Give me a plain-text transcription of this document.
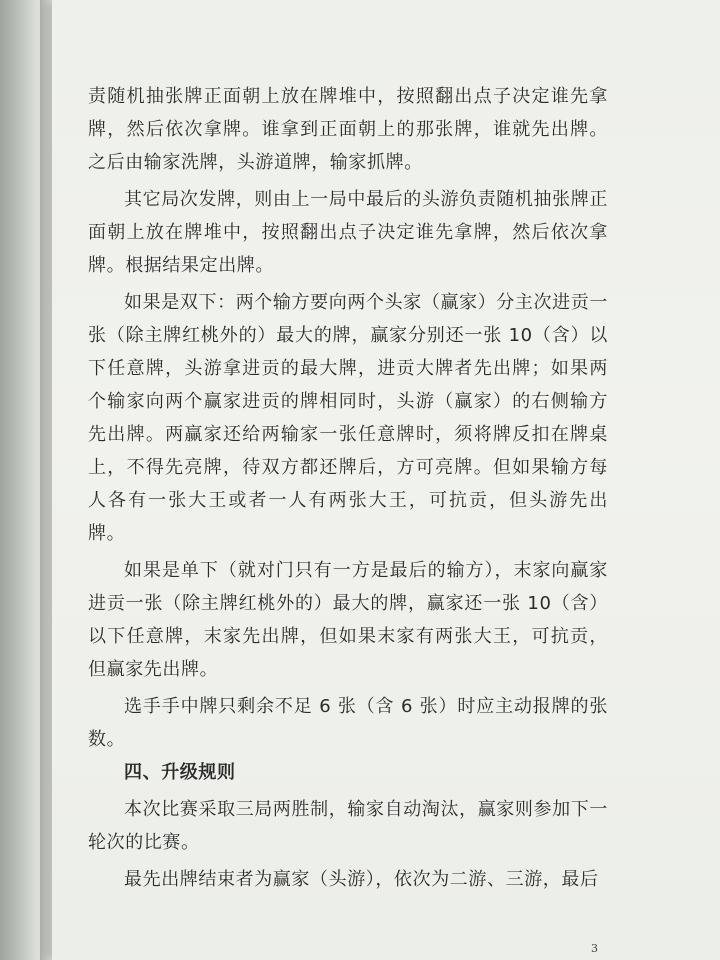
责随机抽张牌正面朝上放在牌堆中，按照翻出点子决定谁先拿牌，然后依次拿牌。谁拿到正面朝上的那张牌，谁就先出牌。之后由输家洗牌，头游道牌，输家抓牌。

其它局次发牌，则由上一局中最后的头游负责随机抽张牌正面朝上放在牌堆中，按照翻出点子决定谁先拿牌，然后依次拿牌。根据结果定出牌。

如果是双下：两个输方要向两个头家（赢家）分主次进贡一张（除主牌红桃外的）最大的牌，赢家分别还一张 10（含）以下任意牌，头游拿进贡的最大牌，进贡大牌者先出牌；如果两个输家向两个赢家进贡的牌相同时，头游（赢家）的右侧输方先出牌。两赢家还给两输家一张任意牌时，须将牌反扣在牌桌上，不得先亮牌，待双方都还牌后，方可亮牌。但如果输方每人各有一张大王或者一人有两张大王，可抗贡，但头游先出牌。

如果是单下（就对门只有一方是最后的输方），末家向赢家进贡一张（除主牌红桃外的）最大的牌，赢家还一张 10（含）以下任意牌，末家先出牌，但如果末家有两张大王，可抗贡，但赢家先出牌。

选手手中牌只剩余不足 6 张（含 6 张）时应主动报牌的张数。

四、升级规则

本次比赛采取三局两胜制，输家自动淘汰，赢家则参加下一轮次的比赛。

最先出牌结束者为赢家（头游），依次为二游、三游，最后

3
